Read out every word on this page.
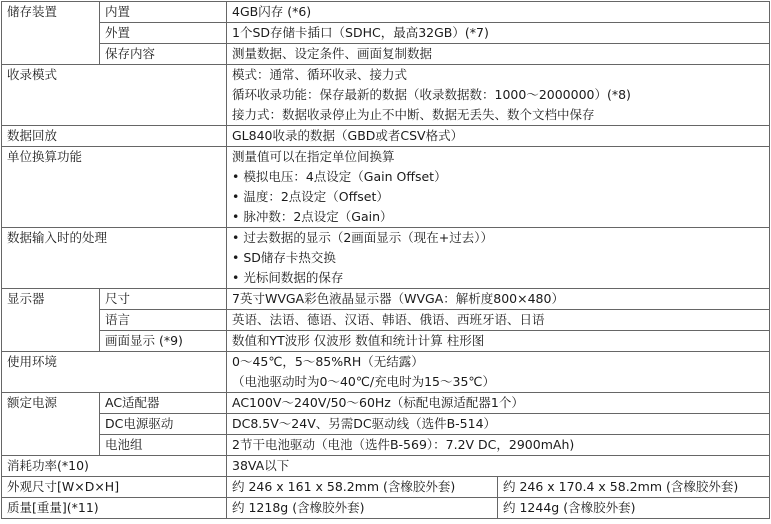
储存装置	内置	4GB闪存 (*6)	
	外置	1个SD存储卡插口（SDHC，最高32GB）(*7)	
	保存内容	测量数据、设定条件、画面复制数据	
收录模式		模式：通常、循环收录、接力式
循环收录功能：保存最新的数据（收录数据数：1000～2000000）(*8)
接力式：数据收录停止为止不中断、数据无丢失、数个文档中保存	

数据回放		GL840收录的数据（GBD或者CSV格式）	
单位换算功能		测量值可以在指定单位间换算
• 模拟电压：4点设定（Gain Offset）
• 温度：2点设定（Offset）
• 脉冲数：2点设定（Gain）	

数据输入时的处理		• 过去数据的显示（2画面显示（现在+过去））
• SD储存卡热交换
• 光标间数据的保存	

显示器	尺寸	7英寸WVGA彩色液晶显示器（WVGA：解析度800×480）	
	语言	英语、法语、德语、汉语、韩语、俄语、西班牙语、日语	
	画面显示 (*9)	数值和YT波形 仅波形 数值和统计计算 柱形图	
使用环境		0～45℃，5～85%RH（无结露）
（电池驱动时为0～40℃/充电时为15～35℃）	

额定电源	AC适配器	AC100V～240V/50～60Hz（标配电源适配器1个）	
	DC电源驱动	DC8.5V～24V、另需DC驱动线（选件B-514）	
	电池组	2节干电池驱动（电池（选件B-569）：7.2V DC，2900mAh)	
消耗功率(*10)		38VA以下	
外观尺寸[W×D×H]		约 246 x 161 x 58.2mm (含橡胶外套)	约 246 x 170.4 x 58.2mm (含橡胶外套)
质量[重量](*11)		约 1218g (含橡胶外套)	约 1244g (含橡胶外套)
